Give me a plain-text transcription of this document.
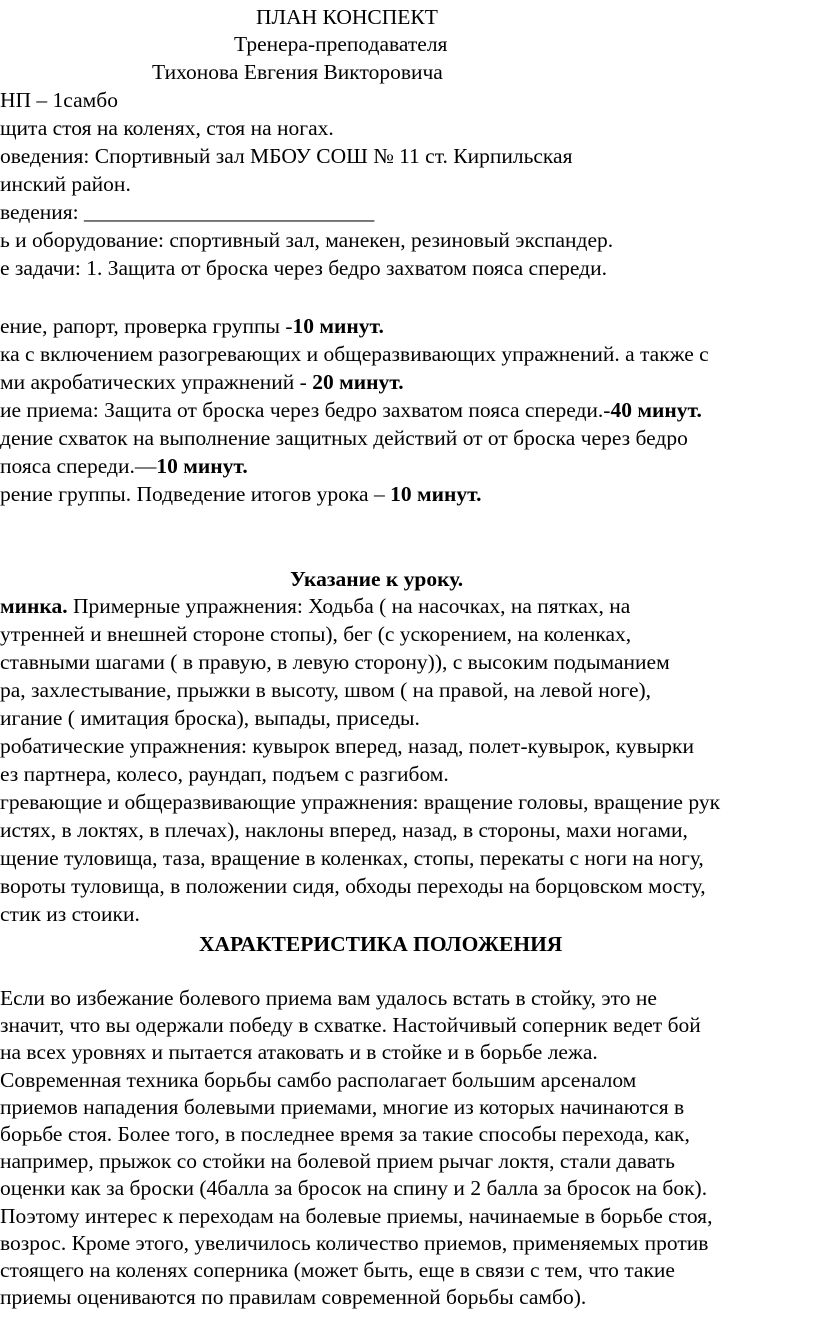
ПЛАН КОНСПЕКТ
Тренера-преподавателя
Тихонова Евгения Викторовича
НП – 1самбо
щита стоя на коленях, стоя на ногах.
оведения: Спортивный зал МБОУ СОШ № 11 ст. Кирпильская
инский район.
ведения: ___________________________
ь и оборудование: спортивный зал, манекен, резиновый экспандер.
е задачи: 1. Защита от броска через бедро захватом пояса спереди.
ение, рапорт, проверка группы -10 минут.
ка с включением разогревающих и общеразвивающих упражнений. а также с
ми акробатических упражнений - 20 минут.
ие приема: Защита от броска через бедро захватом пояса спереди.-40 минут.
дение схваток на выполнение защитных действий от от броска через бедро
пояса спереди.—10 минут.
рение группы. Подведение итогов урока – 10 минут.
Указание к уроку.
минка. Примерные упражнения: Ходьба ( на насочках, на пятках, на
утренней и внешней стороне стопы), бег (с ускорением, на коленках,
ставными шагами ( в правую, в левую сторону)), с высоким подыманием
ра, захлестывание, прыжки в высоту, швом ( на правой, на левой ноге),
игание ( имитация броска), выпады, приседы.
робатические упражнения: кувырок вперед, назад, полет-кувырок, кувырки
ез партнера, колесо, раундап, подъем с разгибом.
гревающие и общеразвивающие упражнения: вращение головы, вращение рук
истях, в локтях, в плечах), наклоны вперед, назад, в стороны, махи ногами,
щение туловища, таза, вращение в коленках, стопы, перекаты с ноги на ногу,
вороты туловища, в положении сидя, обходы переходы на борцовском мосту,
стик из стоики.
ХАРАКТЕРИСТИКА ПОЛОЖЕНИЯ
Если во избежание болевого приема вам удалось встать в стойку, это не
значит, что вы одержали победу в схватке. Настойчивый соперник ведет бой
на всех уровнях и пытается атаковать и в стойке и в борьбе лежа.
Современная техника борьбы самбо располагает большим арсеналом
приемов нападения болевыми приемами, многие из которых начинаются в
борьбе стоя. Более того, в последнее время за такие способы перехода, как,
например, прыжок со стойки на болевой прием рычаг локтя, стали давать
оценки как за броски (4балла за бросок на спину и 2 балла за бросок на бок).
Поэтому интерес к переходам на болевые приемы, начинаемые в борьбе стоя,
возрос. Кроме этого, увеличилось количество приемов, применяемых против
стоящего на коленях соперника (может быть, еще в связи с тем, что такие
приемы оцениваются по правилам современной борьбы самбо).
